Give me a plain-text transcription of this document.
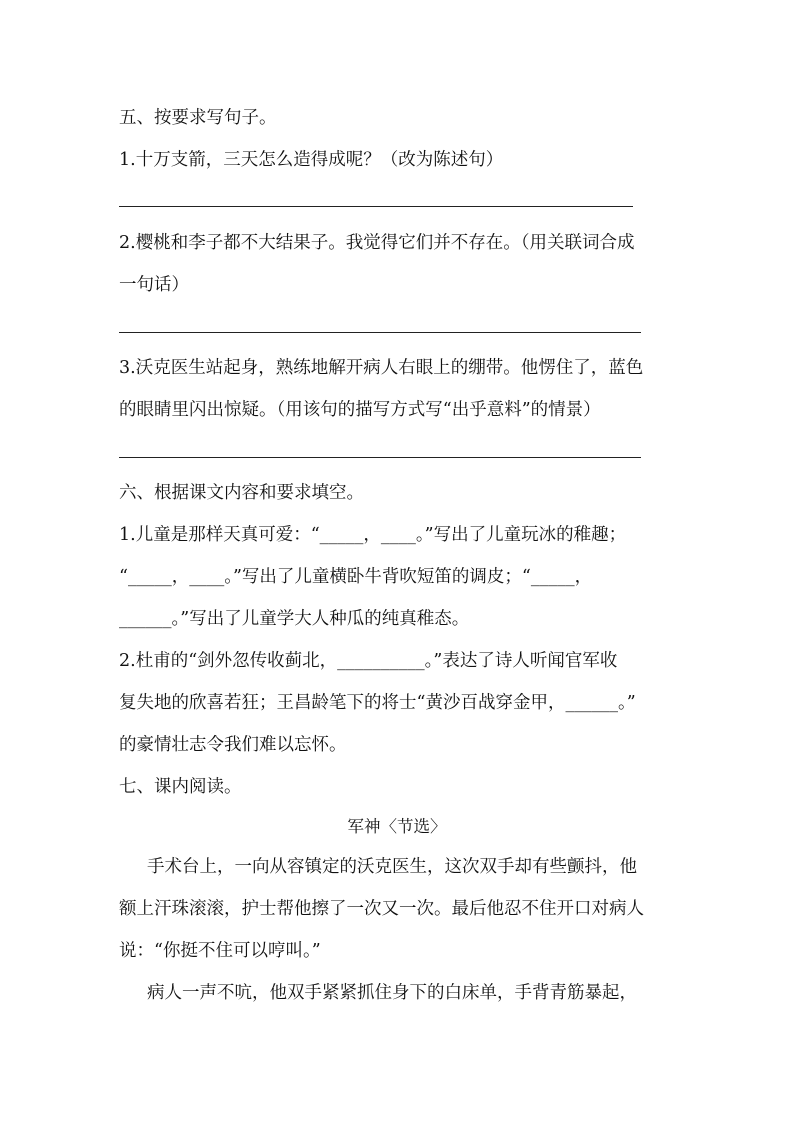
五、按要求写句子。
1.十万支箭，三天怎么造得成呢？（改为陈述句）
2.樱桃和李子都不大结果子。我觉得它们并不存在。（用关联词合成
一句话）
3.沃克医生站起身，熟练地解开病人右眼上的绷带。他愣住了，蓝色
的眼睛里闪出惊疑。（用该句的描写方式写“出乎意料”的情景）
六、根据课文内容和要求填空。
1.儿童是那样天真可爱：“_____，____。”写出了儿童玩冰的稚趣；
“_____，____。”写出了儿童横卧牛背吹短笛的调皮；“_____，
______。”写出了儿童学大人种瓜的纯真稚态。
2.杜甫的“剑外忽传收蓟北，__________。”表达了诗人听闻官军收
复失地的欣喜若狂；王昌龄笔下的将士“黄沙百战穿金甲，______。”
的豪情壮志令我们难以忘怀。
七、课内阅读。
军神〈节选〉
手术台上，一向从容镇定的沃克医生，这次双手却有些颤抖，他
额上汗珠滚滚，护士帮他擦了一次又一次。最后他忍不住开口对病人
说：“你挺不住可以哼叫。”
病人一声不吭，他双手紧紧抓住身下的白床单，手背青筋暴起，
